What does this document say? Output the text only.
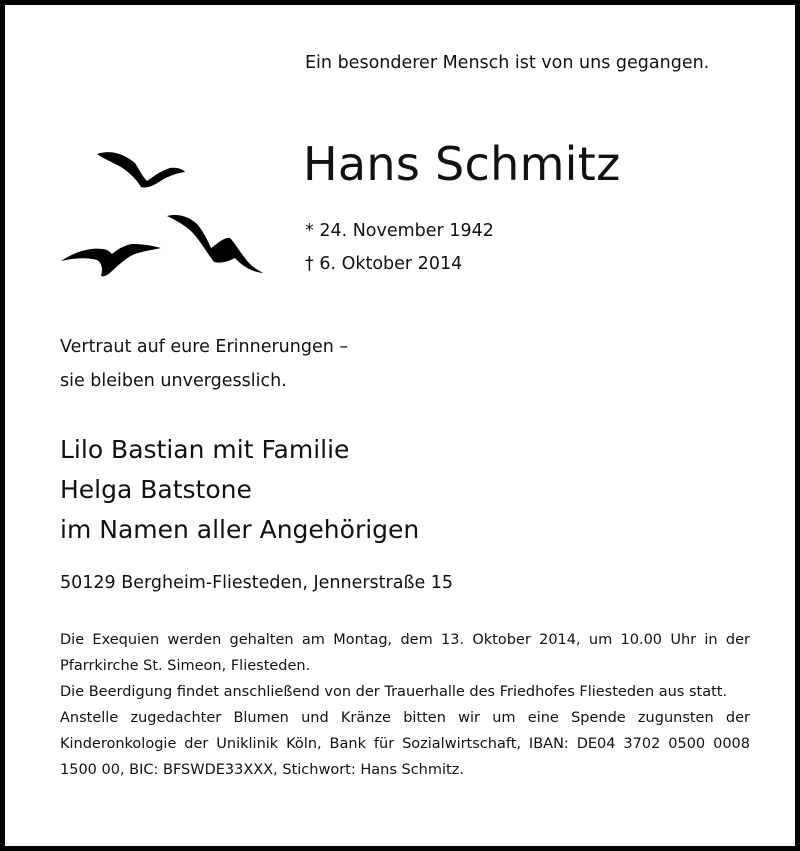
Ein besonderer Mensch ist von uns gegangen.
Hans Schmitz
* 24. November 1942
† 6. Oktober 2014
Vertraut auf eure Erinnerungen –
sie bleiben unvergesslich.
Lilo Bastian mit Familie
Helga Batstone
im Namen aller Angehörigen
50129 Bergheim-Fliesteden, Jennerstraße 15

Die Exequien werden gehalten am Montag, dem 13. Oktober 2014, um 10.00 Uhr in der Pfarrkirche St. Simeon, Fliesteden.

Die Beerdigung findet anschließend von der Trauerhalle des Friedhofes Fliesteden aus statt.

Anstelle zugedachter Blumen und Kränze bitten wir um eine Spende zugunsten der Kinderonkologie der Uniklinik Köln, Bank für Sozialwirtschaft, IBAN: DE04 3702 0500 0008 1500 00, BIC: BFSWDE33XXX, Stichwort: Hans Schmitz.
